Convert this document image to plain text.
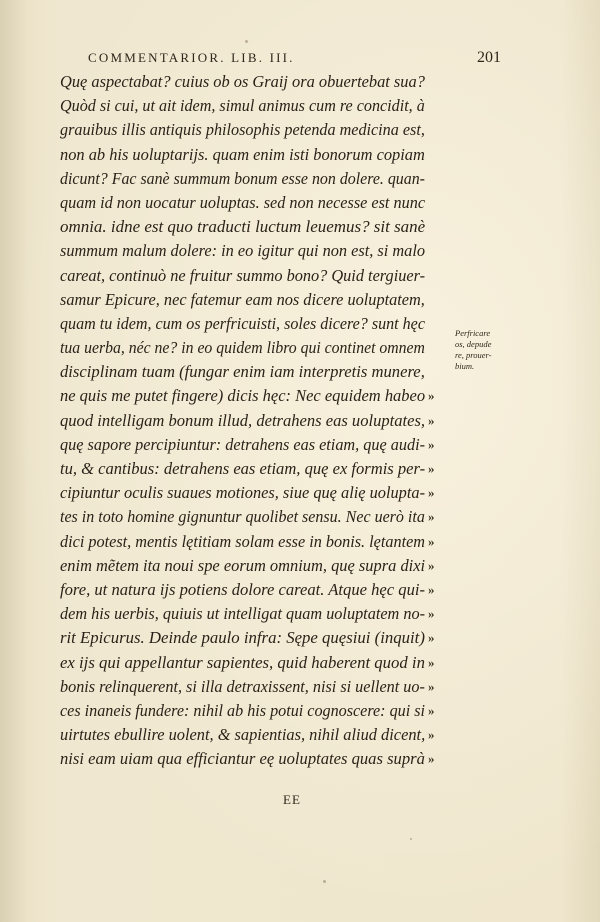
COMMENTARIOR. LIB. III.	201
Quę aspectabat? cuius ob os Graij ora obuertebat sua?
Quòd si cui, ut ait idem, simul animus cum re concidit, à
grauibus illis antiquis philosophis petenda medicina est,
non ab his uoluptarijs. quam enim isti bonorum copiam
dicunt? Fac sanè summum bonum esse non dolere. quan-
quam id non uocatur uoluptas. sed non necesse est nunc
omnia. idne est quo traducti luctum leuemus? sit sanè
summum malum dolere: in eo igitur qui non est, si malo
careat, continuò ne fruitur summo bono? Quid tergiuer-
samur Epicure, nec fatemur eam nos dicere uoluptatem,
quam tu idem, cum os perfricuisti, soles dicere? sunt hęc
tua uerba, néc ne? in eo quidem libro qui continet omnem
disciplinam tuam (fungar enim iam interpretis munere,
ne quis me putet fingere) dicis hęc: Nec equidem habeo »
quod intelligam bonum illud, detrahens eas uoluptates, »
quę sapore percipiuntur: detrahens eas etiam, quę audi- »
tu, & cantibus: detrahens eas etiam, quę ex formis per- »
cipiuntur oculis suaues motiones, siue quę alię uolupta- »
tes in toto homine gignuntur quolibet sensu. Nec uerò ita »
dici potest, mentis lętitiam solam esse in bonis. lętantem »
enim mẽtem ita noui spe eorum omnium, quę supra dixi »
fore, ut natura ijs potiens dolore careat. Atque hęc qui- »
dem his uerbis, quiuis ut intelligat quam uoluptatem no- »
rit Epicurus. Deinde paulo infra: Sępe quęsiui (inquit) »
ex ijs qui appellantur sapientes, quid haberent quod in »
bonis relinquerent, si illa detraxissent, nisi si uellent uo- »
ces inaneis fundere: nihil ab his potui cognoscere: qui si »
uirtutes ebullire uolent, & sapientias, nihil aliud dicent, »
nisi eam uiam qua efficiantur eę uoluptates quas suprà »
Perfricare
os, depude
re, prouer-
bium.
EE
